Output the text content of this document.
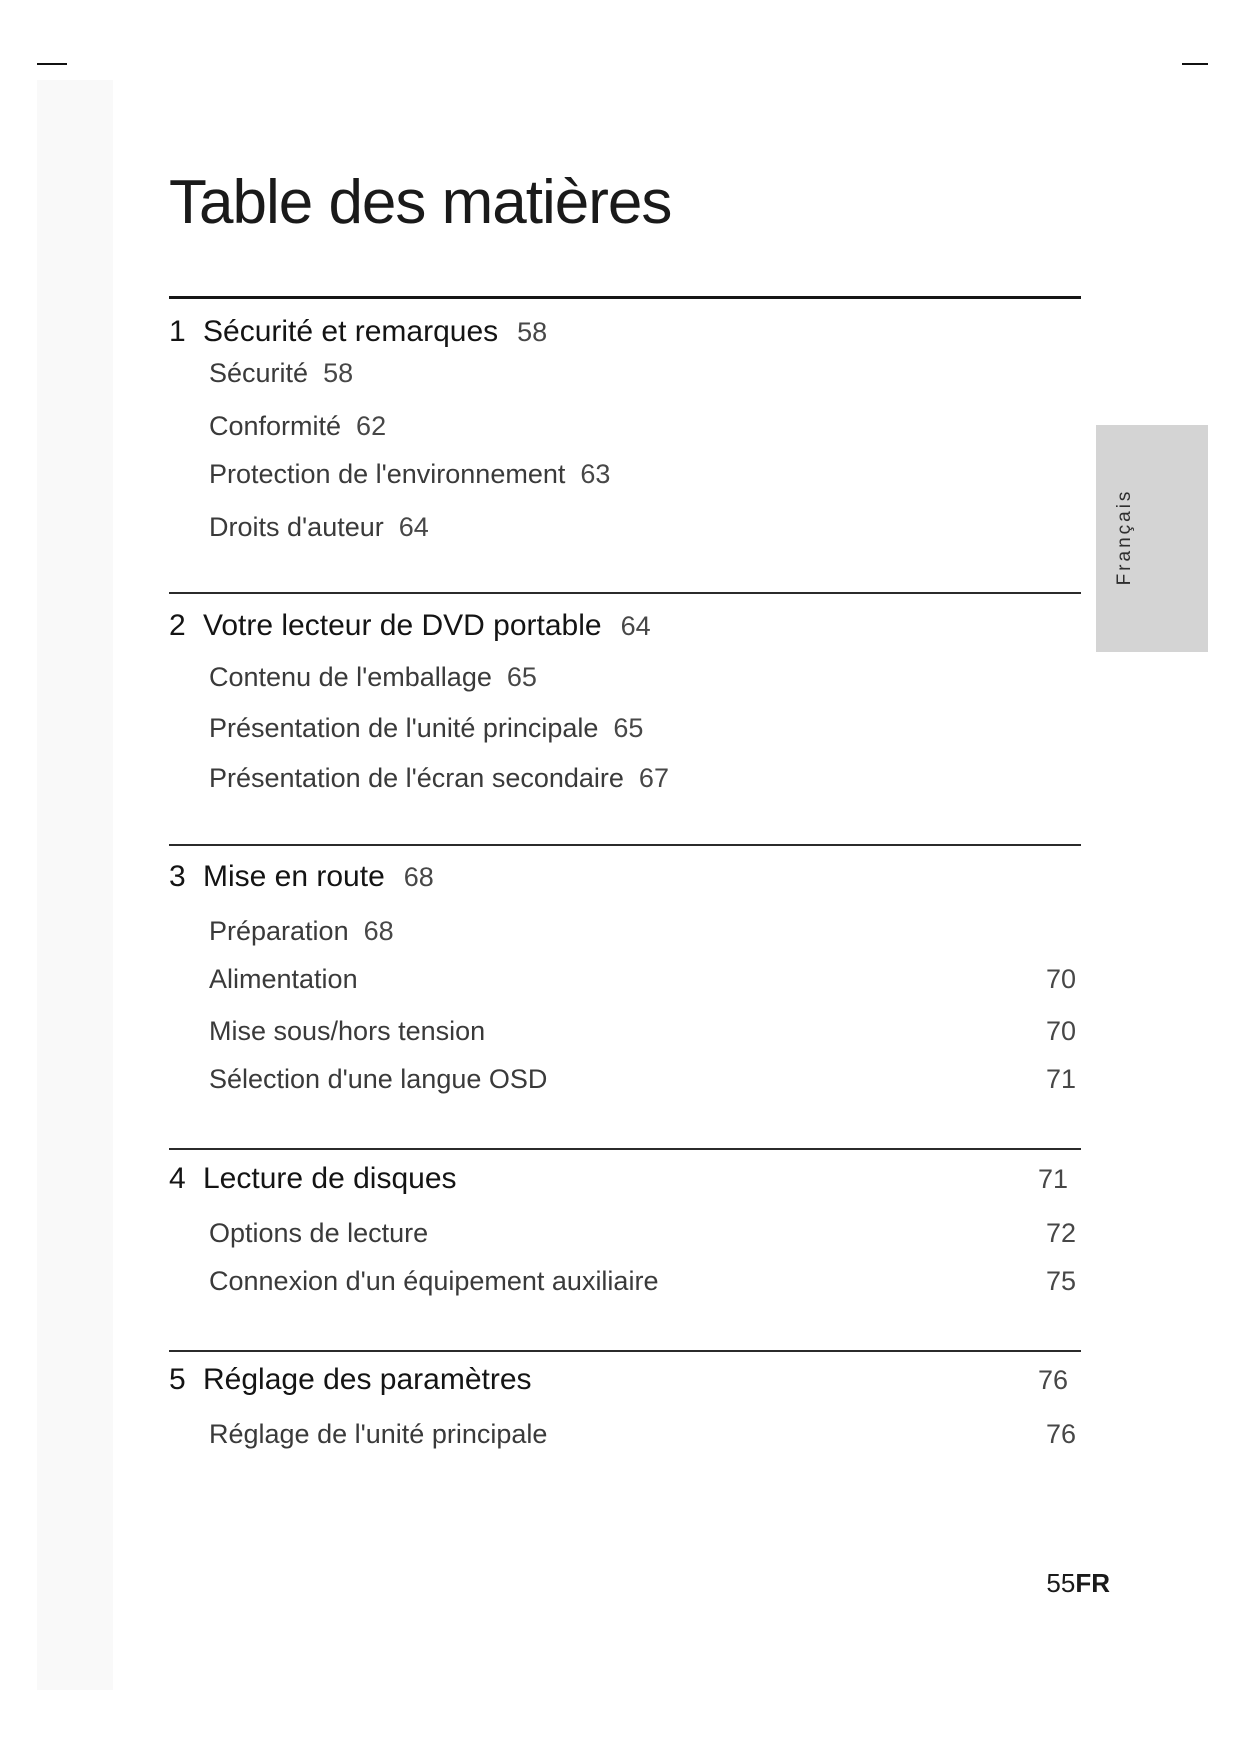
Table des matières
1 Sécurité et remarques 58
Sécurité 58
Conformité 62
Protection de l'environnement 63
Droits d'auteur 64
2 Votre lecteur de DVD portable 64
Contenu de l'emballage 65
Présentation de l'unité principale 65
Présentation de l'écran secondaire 67
3 Mise en route 68
Préparation 68
Alimentation	70
Mise sous/hors tension	70
Sélection d'une langue OSD	71
4 Lecture de disques	71
Options de lecture	72
Connexion d'un équipement auxiliaire	75
5 Réglage des paramètres	76
Réglage de l'unité principale	76
Français
55FR
